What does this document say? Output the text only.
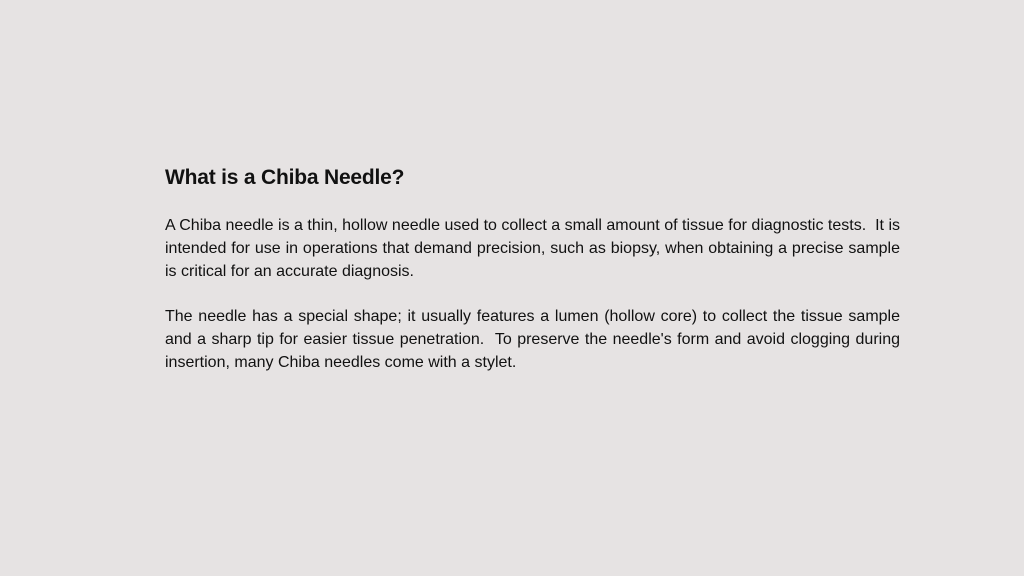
What is a Chiba Needle?

A Chiba needle is a thin, hollow needle used to collect a small amount of tissue for diagnostic tests.  It is intended for use in operations that demand precision, such as biopsy, when obtaining a precise sample is critical for an accurate diagnosis.

The needle has a special shape; it usually features a lumen (hollow core) to collect the tissue sample and a sharp tip for easier tissue penetration.  To preserve the needle's form and avoid clogging during insertion, many Chiba needles come with a stylet.
